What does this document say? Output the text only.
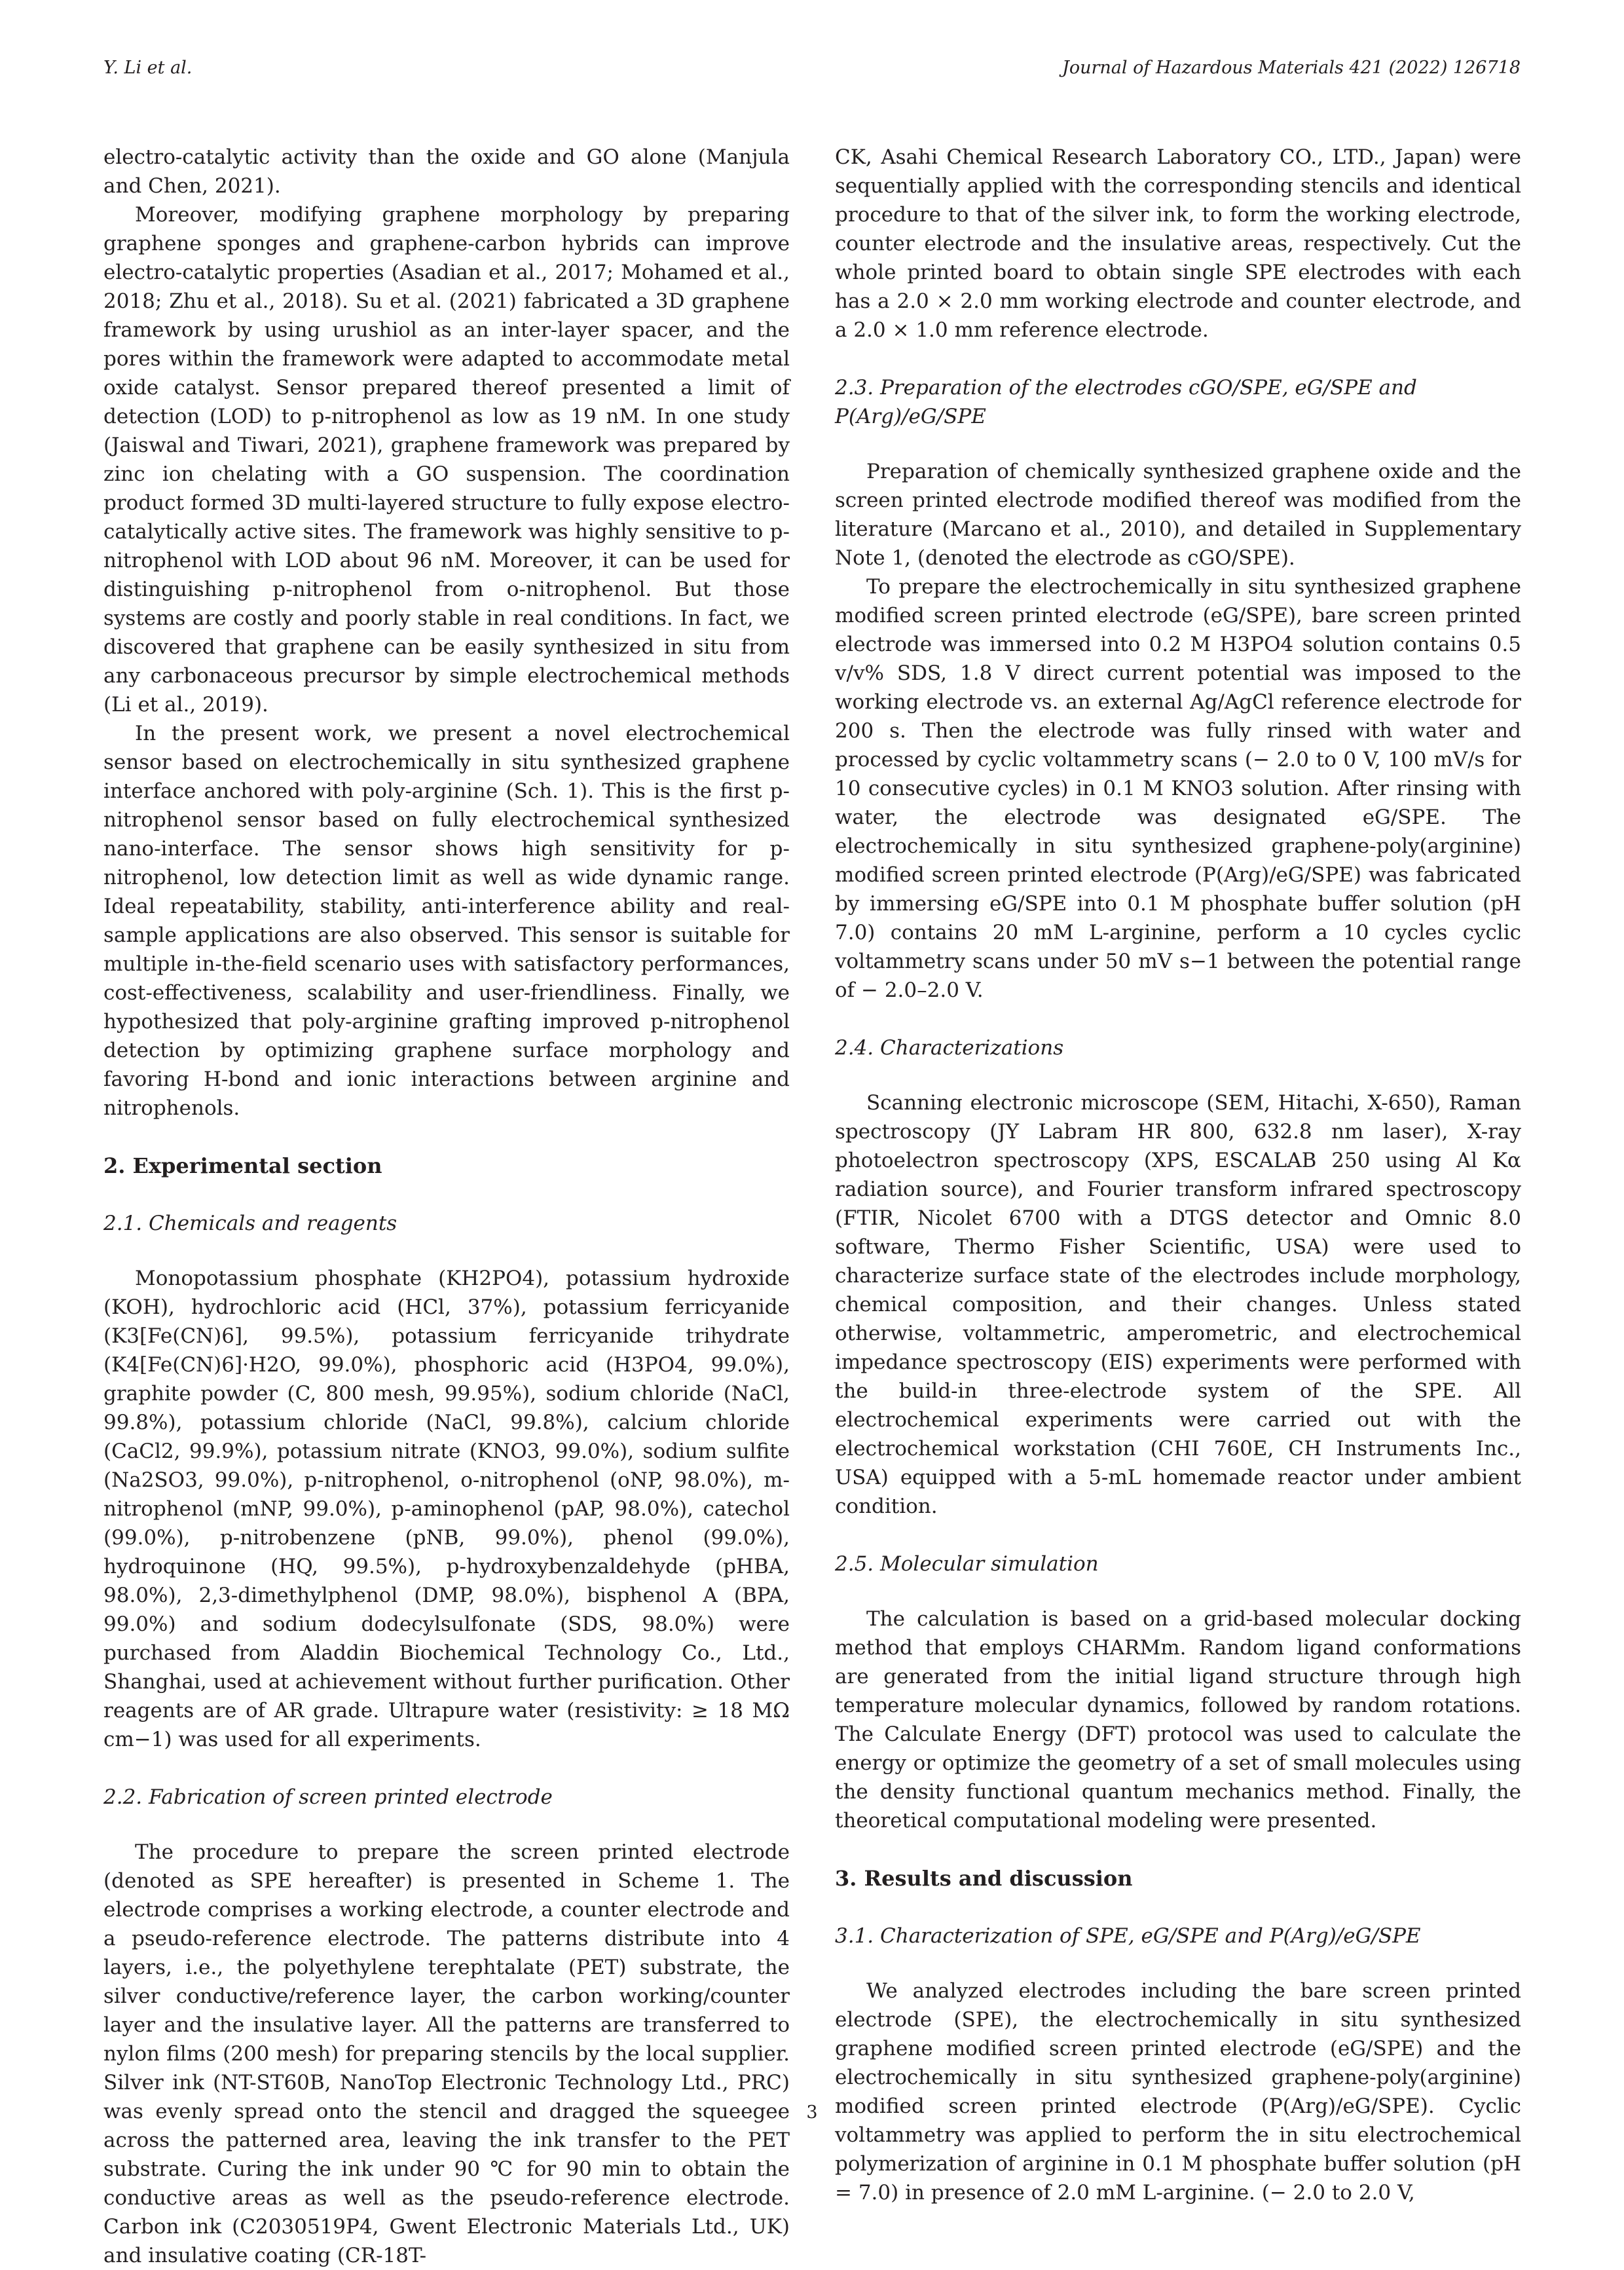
Y. Li et al.	Journal of Hazardous Materials 421 (2022) 126718

electro-catalytic activity than the oxide and GO alone (Manjula and Chen, 2021).

Moreover, modifying graphene morphology by preparing graphene sponges and graphene-carbon hybrids can improve electro-catalytic properties (Asadian et al., 2017; Mohamed et al., 2018; Zhu et al., 2018). Su et al. (2021) fabricated a 3D graphene framework by using urushiol as an inter-layer spacer, and the pores within the framework were adapted to accommodate metal oxide catalyst. Sensor prepared thereof presented a limit of detection (LOD) to p-nitrophenol as low as 19 nM. In one study (Jaiswal and Tiwari, 2021), graphene framework was prepared by zinc ion chelating with a GO suspension. The coordination product formed 3D multi-layered structure to fully expose electro-catalytically active sites. The framework was highly sensitive to p-nitrophenol with LOD about 96 nM. Moreover, it can be used for distinguishing p-nitrophenol from o-nitrophenol. But those systems are costly and poorly stable in real conditions. In fact, we discovered that graphene can be easily synthesized in situ from any carbonaceous precursor by simple electrochemical methods (Li et al., 2019).

In the present work, we present a novel electrochemical sensor based on electrochemically in situ synthesized graphene interface anchored with poly-arginine (Sch. 1). This is the first p-nitrophenol sensor based on fully electrochemical synthesized nano-interface. The sensor shows high sensitivity for p-nitrophenol, low detection limit as well as wide dynamic range. Ideal repeatability, stability, anti-interference ability and real-sample applications are also observed. This sensor is suitable for multiple in-the-field scenario uses with satisfactory performances, cost-effectiveness, scalability and user-friendliness. Finally, we hypothesized that poly-arginine grafting improved p-nitrophenol detection by optimizing graphene surface morphology and favoring H-bond and ionic interactions between arginine and nitrophenols.

2. Experimental section
2.1. Chemicals and reagents

Monopotassium phosphate (KH2PO4), potassium hydroxide (KOH), hydrochloric acid (HCl, 37%), potassium ferricyanide (K3[Fe(CN)6], 99.5%), potassium ferricyanide trihydrate (K4[Fe(CN)6]·H2O, 99.0%), phosphoric acid (H3PO4, 99.0%), graphite powder (C, 800 mesh, 99.95%), sodium chloride (NaCl, 99.8%), potassium chloride (NaCl, 99.8%), calcium chloride (CaCl2, 99.9%), potassium nitrate (KNO3, 99.0%), sodium sulfite (Na2SO3, 99.0%), p-nitrophenol, o-nitrophenol (oNP, 98.0%), m-nitrophenol (mNP, 99.0%), p-aminophenol (pAP, 98.0%), catechol (99.0%), p-nitrobenzene (pNB, 99.0%), phenol (99.0%), hydroquinone (HQ, 99.5%), p-hydroxybenzaldehyde (pHBA, 98.0%), 2,3-dimethylphenol (DMP, 98.0%), bisphenol A (BPA, 99.0%) and sodium dodecylsulfonate (SDS, 98.0%) were purchased from Aladdin Biochemical Technology Co., Ltd., Shanghai, used at achievement without further purification. Other reagents are of AR grade. Ultrapure water (resistivity: ≥ 18 MΩ cm−1) was used for all experiments.

2.2. Fabrication of screen printed electrode

The procedure to prepare the screen printed electrode (denoted as SPE hereafter) is presented in Scheme 1. The electrode comprises a working electrode, a counter electrode and a pseudo-reference electrode. The patterns distribute into 4 layers, i.e., the polyethylene terephtalate (PET) substrate, the silver conductive/reference layer, the carbon working/counter layer and the insulative layer. All the patterns are transferred to nylon films (200 mesh) for preparing stencils by the local supplier. Silver ink (NT-ST60B, NanoTop Electronic Technology Ltd., PRC) was evenly spread onto the stencil and dragged the squeegee across the patterned area, leaving the ink transfer to the PET substrate. Curing the ink under 90 ℃ for 90 min to obtain the conductive areas as well as the pseudo-reference electrode. Carbon ink (C2030519P4, Gwent Electronic Materials Ltd., UK) and insulative coating (CR-18T-

CK, Asahi Chemical Research Laboratory CO., LTD., Japan) were sequentially applied with the corresponding stencils and identical procedure to that of the silver ink, to form the working electrode, counter electrode and the insulative areas, respectively. Cut the whole printed board to obtain single SPE electrodes with each has a 2.0 × 2.0 mm working electrode and counter electrode, and a 2.0 × 1.0 mm reference electrode.

2.3. Preparation of the electrodes cGO/SPE, eG/SPE and P(Arg)/eG/SPE

Preparation of chemically synthesized graphene oxide and the screen printed electrode modified thereof was modified from the literature (Marcano et al., 2010), and detailed in Supplementary Note 1, (denoted the electrode as cGO/SPE).

To prepare the electrochemically in situ synthesized graphene modified screen printed electrode (eG/SPE), bare screen printed electrode was immersed into 0.2 M H3PO4 solution contains 0.5 v/v% SDS, 1.8 V direct current potential was imposed to the working electrode vs. an external Ag/AgCl reference electrode for 200 s. Then the electrode was fully rinsed with water and processed by cyclic voltammetry scans (− 2.0 to 0 V, 100 mV/s for 10 consecutive cycles) in 0.1 M KNO3 solution. After rinsing with water, the electrode was designated eG/SPE. The electrochemically in situ synthesized graphene-poly(arginine) modified screen printed electrode (P(Arg)/eG/SPE) was fabricated by immersing eG/SPE into 0.1 M phosphate buffer solution (pH 7.0) contains 20 mM L-arginine, perform a 10 cycles cyclic voltammetry scans under 50 mV s−1 between the potential range of − 2.0–2.0 V.

2.4. Characterizations

Scanning electronic microscope (SEM, Hitachi, X-650), Raman spectroscopy (JY Labram HR 800, 632.8 nm laser), X-ray photoelectron spectroscopy (XPS, ESCALAB 250 using Al Kα radiation source), and Fourier transform infrared spectroscopy (FTIR, Nicolet 6700 with a DTGS detector and Omnic 8.0 software, Thermo Fisher Scientific, USA) were used to characterize surface state of the electrodes include morphology, chemical composition, and their changes. Unless stated otherwise, voltammetric, amperometric, and electrochemical impedance spectroscopy (EIS) experiments were performed with the build-in three-electrode system of the SPE. All electrochemical experiments were carried out with the electrochemical workstation (CHI 760E, CH Instruments Inc., USA) equipped with a 5-mL homemade reactor under ambient condition.

2.5. Molecular simulation

The calculation is based on a grid-based molecular docking method that employs CHARMm. Random ligand conformations are generated from the initial ligand structure through high temperature molecular dynamics, followed by random rotations. The Calculate Energy (DFT) protocol was used to calculate the energy or optimize the geometry of a set of small molecules using the density functional quantum mechanics method. Finally, the theoretical computational modeling were presented.

3. Results and discussion
3.1. Characterization of SPE, eG/SPE and P(Arg)/eG/SPE

We analyzed electrodes including the bare screen printed electrode (SPE), the electrochemically in situ synthesized graphene modified screen printed electrode (eG/SPE) and the electrochemically in situ synthesized graphene-poly(arginine) modified screen printed electrode (P(Arg)/eG/SPE). Cyclic voltammetry was applied to perform the in situ electrochemical polymerization of arginine in 0.1 M phosphate buffer solution (pH = 7.0) in presence of 2.0 mM L-arginine. (− 2.0 to 2.0 V,

3
